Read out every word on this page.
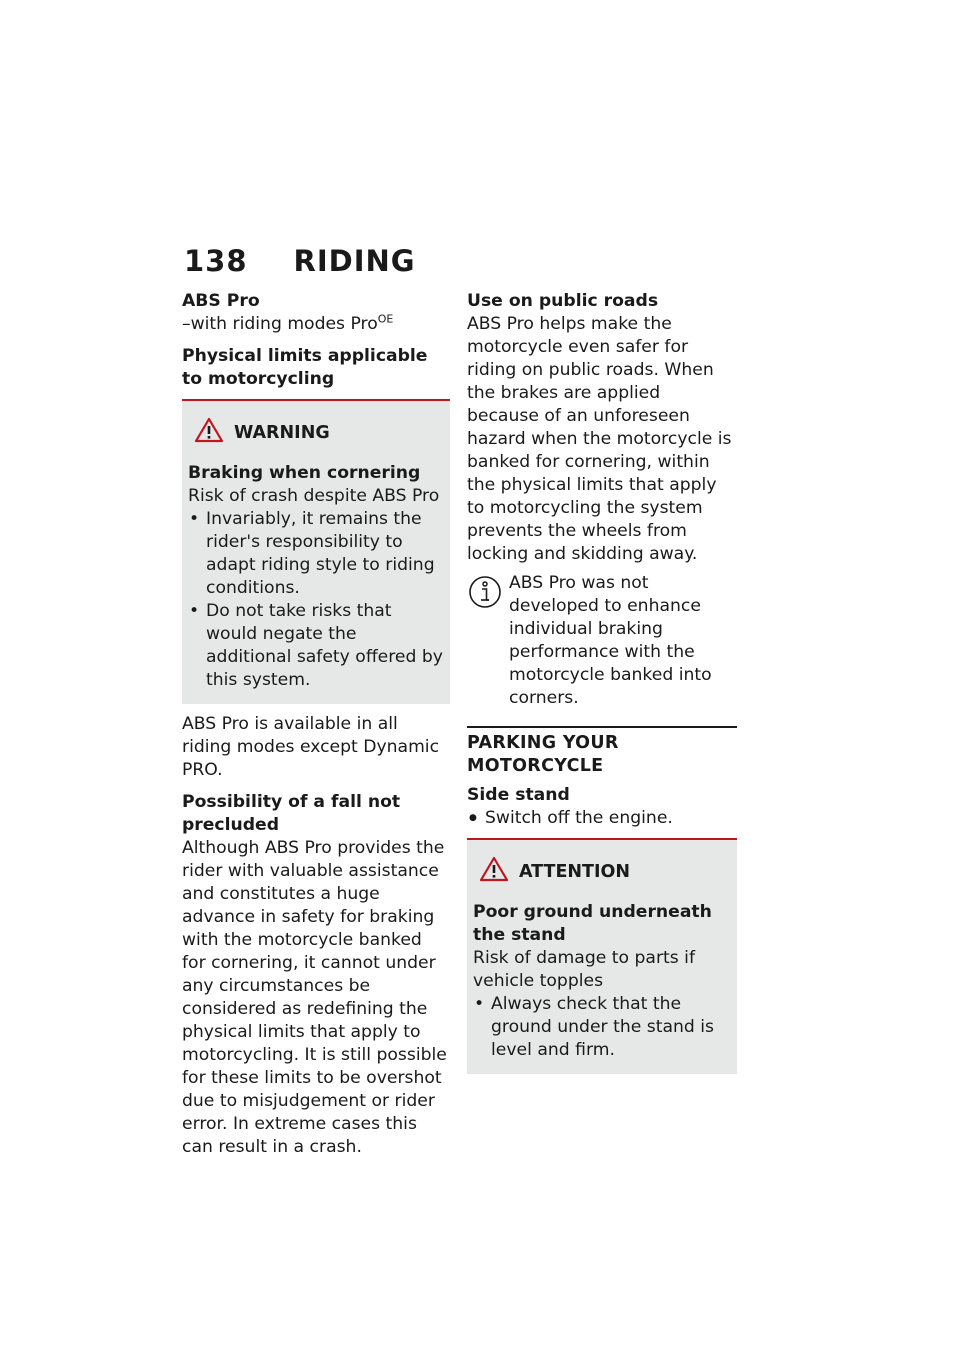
138 RIDING

ABS Pro

–with riding modes Pro$^{OE}$

Physical limits applicable to motorcycling

WARNING

Braking when cornering

Risk of crash despite ABS Pro

• Invariably, it remains the rider's responsibility to adapt riding style to riding conditions.
• Do not take risks that would negate the additional safety offered by this system.

ABS Pro is available in all riding modes except Dynamic PRO.

Possibility of a fall not precluded

Although ABS Pro provides the rider with valuable assistance and constitutes a huge advance in safety for braking with the motorcycle banked for cornering, it cannot under any circumstances be considered as redefining the physical limits that apply to motorcycling. It is still possible for these limits to be overshot due to misjudgement or rider error. In extreme cases this can result in a crash.

Use on public roads

ABS Pro helps make the motorcycle even safer for riding on public roads. When the brakes are applied because of an unforeseen hazard when the motorcycle is banked for cornering, within the physical limits that apply to motorcycling the system prevents the wheels from locking and skidding away.

ABS Pro was not developed to enhance individual braking performance with the motorcycle banked into corners.

PARKING YOUR MOTORCYCLE

Side stand

● Switch off the engine.
ATTENTION

Poor ground underneath the stand

Risk of damage to parts if vehicle topples

• Always check that the ground under the stand is level and firm.
